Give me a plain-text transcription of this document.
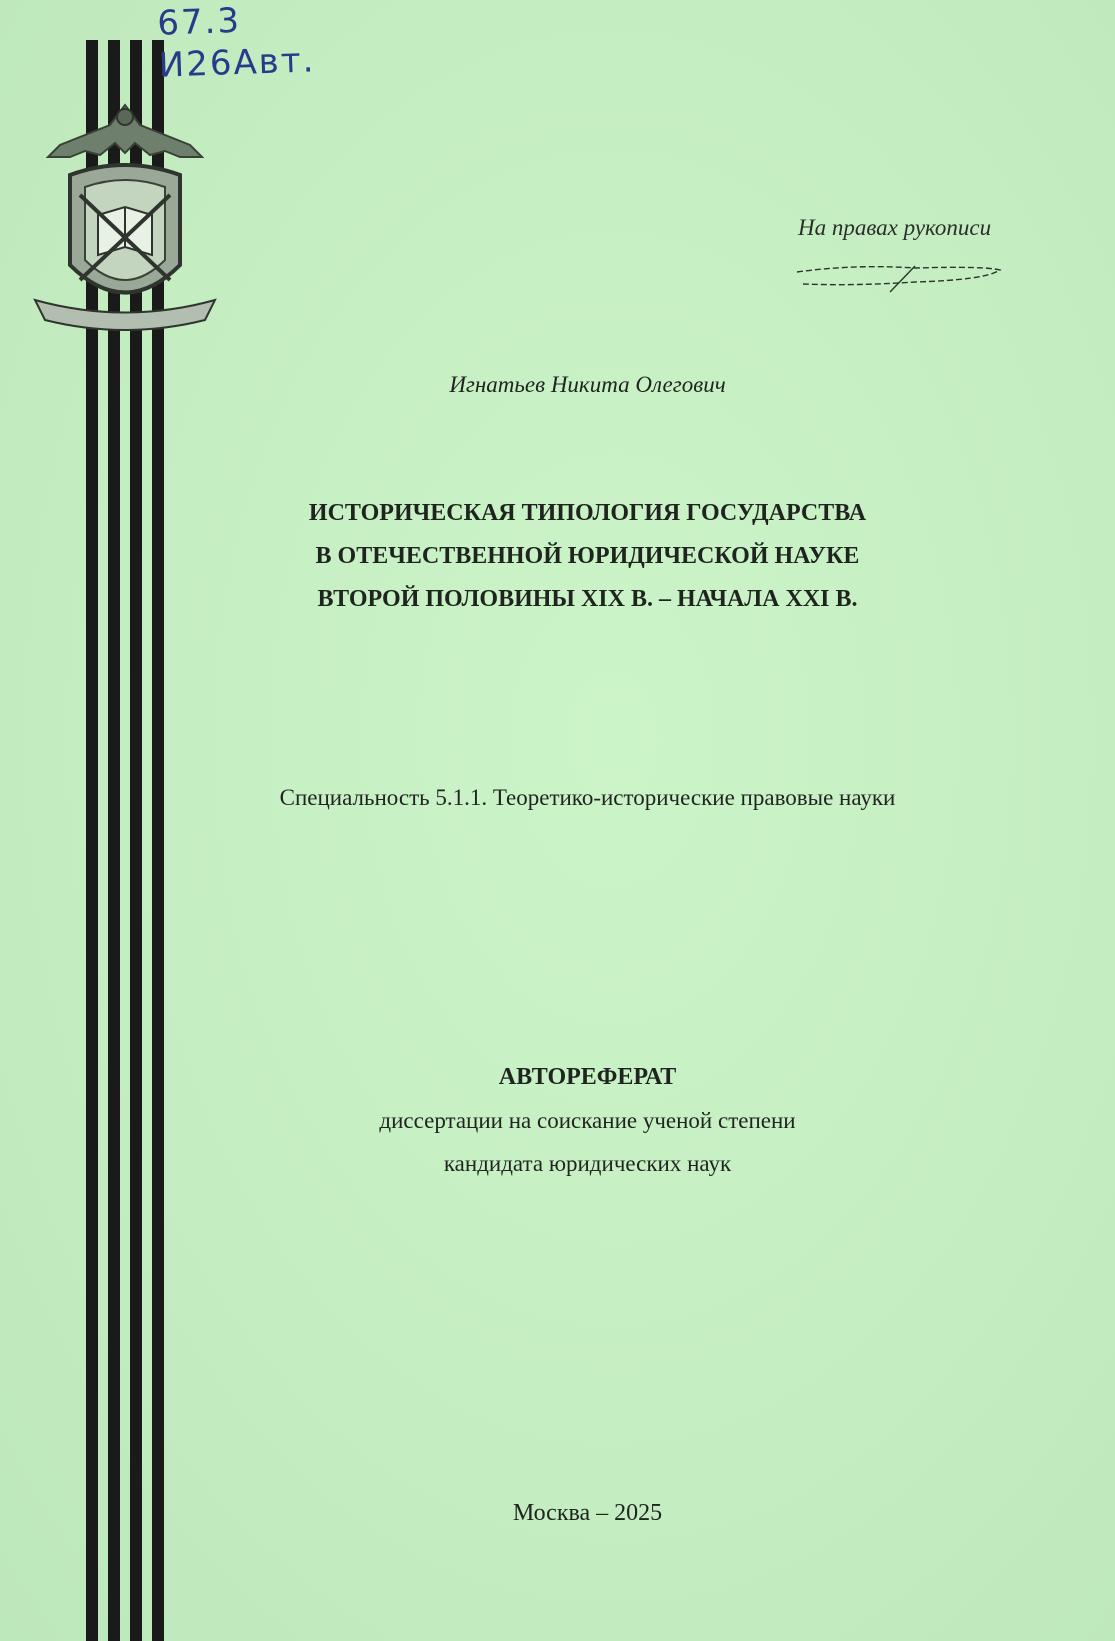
67.3
И26Авт.
На правах рукописи
Игнатьев Никита Олегович
ИСТОРИЧЕСКАЯ ТИПОЛОГИЯ ГОСУДАРСТВА
В ОТЕЧЕСТВЕННОЙ ЮРИДИЧЕСКОЙ НАУКЕ
ВТОРОЙ ПОЛОВИНЫ XIX В. – НАЧАЛА XXI В.
Специальность 5.1.1. Теоретико-исторические правовые науки
АВТОРЕФЕРАТ
диссертации на соискание ученой степени
кандидата юридических наук
Москва – 2025
